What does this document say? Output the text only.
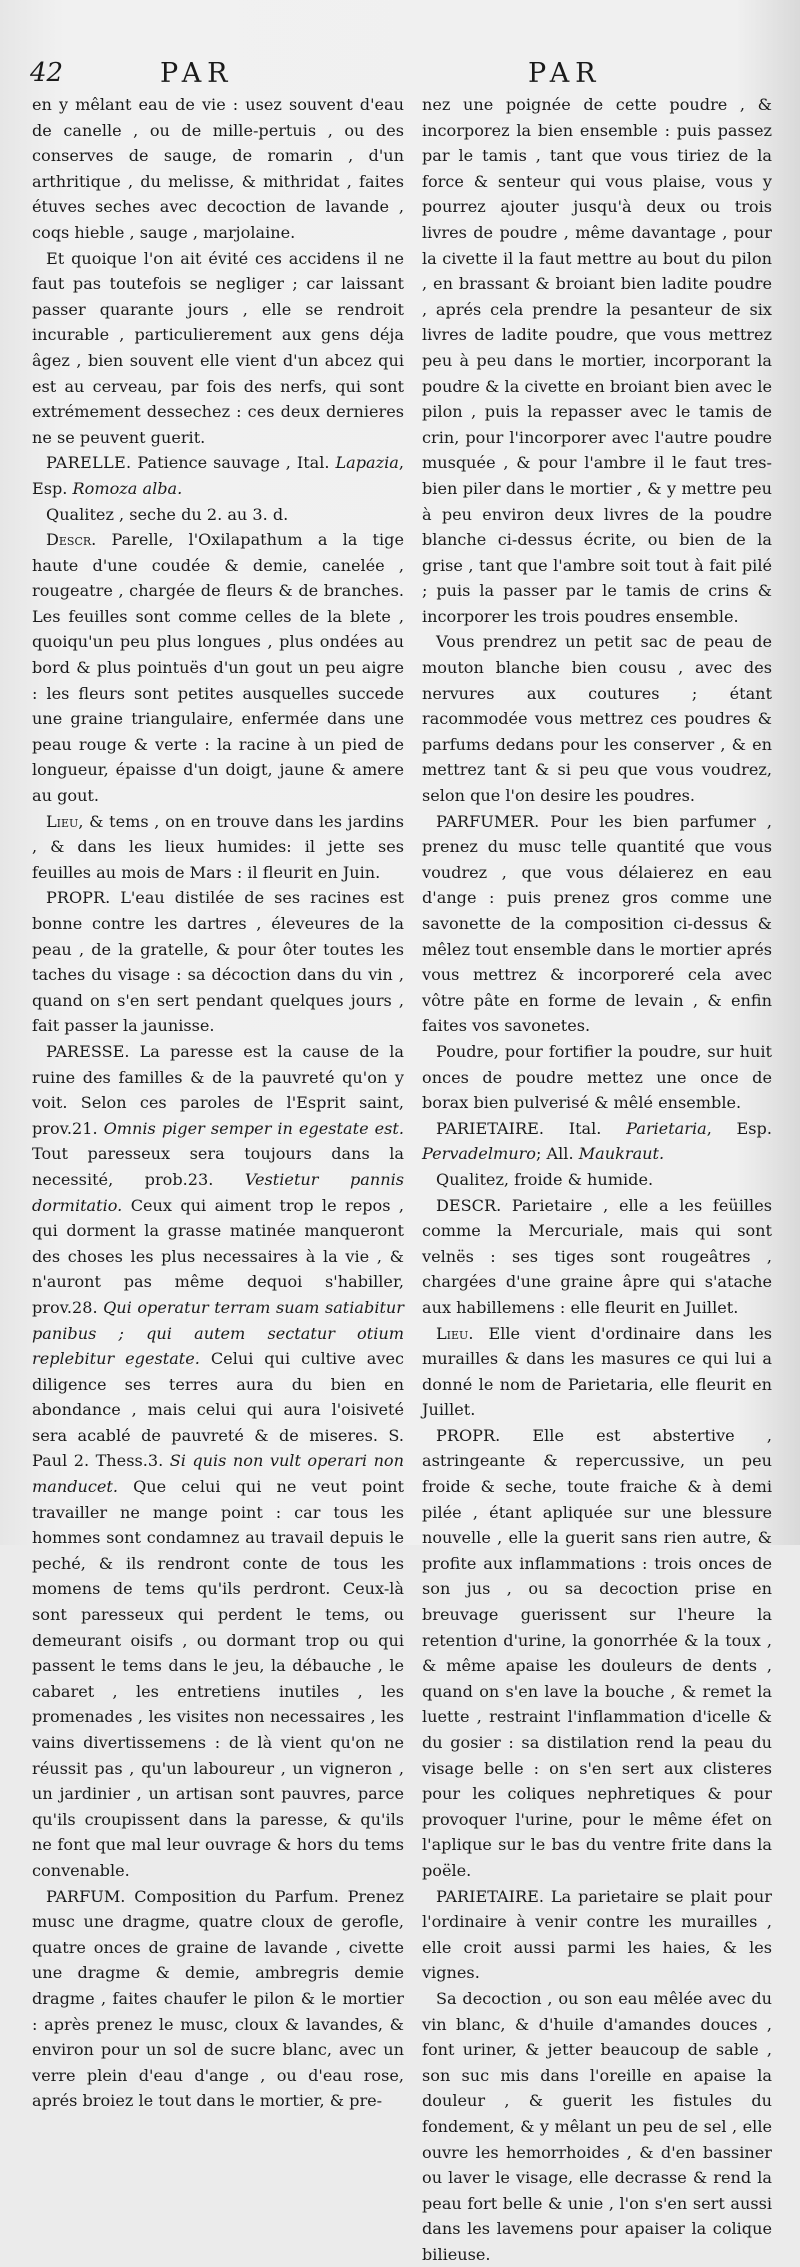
42	PAR	PAR

en y mêlant eau de vie : usez souvent d'eau de canelle , ou de mille-pertuis , ou des conserves de sauge, de romarin , d'un arthritique , du melisse, & mithridat , faites étuves seches avec decoction de lavande , coqs hieble , sauge , marjolaine.

Et quoique l'on ait évité ces accidens il ne faut pas toutefois se negliger ; car laissant passer quarante jours , elle se rendroit incurable , particulierement aux gens déja âgez , bien souvent elle vient d'un abcez qui est au cerveau, par fois des nerfs, qui sont extrémement dessechez : ces deux dernieres ne se peuvent guerit.

PARELLE. Patience sauvage , Ital. Lapazia, Esp. Romoza alba.

Qualitez , seche du 2. au 3. d.

Descr. Parelle, l'Oxilapathum a la tige haute d'une coudée & demie, canelée , rougeatre , chargée de fleurs & de branches. Les feuilles sont comme celles de la blete , quoiqu'un peu plus longues , plus ondées au bord & plus pointuës d'un gout un peu aigre : les fleurs sont petites ausquelles succede une graine triangulaire, enfermée dans une peau rouge & verte : la racine à un pied de longueur, épaisse d'un doigt, jaune & amere au gout.

Lieu, & tems , on en trouve dans les jardins , & dans les lieux humides: il jette ses feuilles au mois de Mars : il fleurit en Juin.

PROPR. L'eau distilée de ses racines est bonne contre les dartres , éleveures de la peau , de la gratelle, & pour ôter toutes les taches du visage : sa décoction dans du vin , quand on s'en sert pendant quelques jours , fait passer la jaunisse.

PARESSE. La paresse est la cause de la ruine des familles & de la pauvreté qu'on y voit. Selon ces paroles de l'Esprit saint, prov.21. Omnis piger semper in egestate est. Tout paresseux sera toujours dans la necessité, prob.23. Vestietur pannis dormitatio. Ceux qui aiment trop le repos , qui dorment la grasse matinée manqueront des choses les plus necessaires à la vie , & n'auront pas même dequoi s'habiller, prov.28. Qui operatur terram suam satiabitur panibus ; qui autem sectatur otium replebitur egestate. Celui qui cultive avec diligence ses terres aura du bien en abondance , mais celui qui aura l'oisiveté sera acablé de pauvreté & de miseres. S. Paul 2. Thess.3. Si quis non vult operari non manducet. Que celui qui ne veut point travailler ne mange point : car tous les hommes sont condamnez au travail depuis le peché, & ils rendront conte de tous les momens de tems qu'ils perdront. Ceux-là sont paresseux qui perdent le tems, ou demeurant oisifs , ou dormant trop ou qui passent le tems dans le jeu, la débauche , le cabaret , les entretiens inutiles , les promenades , les visites non necessaires , les vains divertissemens : de là vient qu'on ne réussit pas , qu'un laboureur , un vigneron , un jardinier , un artisan sont pauvres, parce qu'ils croupissent dans la paresse, & qu'ils ne font que mal leur ouvrage & hors du tems convenable.

PARFUM. Composition du Parfum. Prenez musc une dragme, quatre cloux de gerofle, quatre onces de graine de lavande , civette une dragme & demie, ambregris demie dragme , faites chaufer le pilon & le mortier : après prenez le musc, cloux & lavandes, & environ pour un sol de sucre blanc, avec un verre plein d'eau d'ange , ou d'eau rose, aprés broiez le tout dans le mortier, & pre-

nez une poignée de cette poudre , & incorporez la bien ensemble : puis passez par le tamis , tant que vous tiriez de la force & senteur qui vous plaise, vous y pourrez ajouter jusqu'à deux ou trois livres de poudre , même davantage , pour la civette il la faut mettre au bout du pilon , en brassant & broiant bien ladite poudre , aprés cela prendre la pesanteur de six livres de ladite poudre, que vous mettrez peu à peu dans le mortier, incorporant la poudre & la civette en broiant bien avec le pilon , puis la repasser avec le tamis de crin, pour l'incorporer avec l'autre poudre musquée , & pour l'ambre il le faut tres-bien piler dans le mortier , & y mettre peu à peu environ deux livres de la poudre blanche ci-dessus écrite, ou bien de la grise , tant que l'ambre soit tout à fait pilé ; puis la passer par le tamis de crins & incorporer les trois poudres ensemble.

Vous prendrez un petit sac de peau de mouton blanche bien cousu , avec des nervures aux coutures ; étant racommodée vous mettrez ces poudres & parfums dedans pour les conserver , & en mettrez tant & si peu que vous voudrez, selon que l'on desire les poudres.

PARFUMER. Pour les bien parfumer , prenez du musc telle quantité que vous voudrez , que vous délaierez en eau d'ange : puis prenez gros comme une savonette de la composition ci-dessus & mêlez tout ensemble dans le mortier aprés vous mettrez & incorporeré cela avec vôtre pâte en forme de levain , & enfin faites vos savonetes.

Poudre, pour fortifier la poudre, sur huit onces de poudre mettez une once de borax bien pulverisé & mêlé ensemble.

PARIETAIRE. Ital. Parietaria, Esp. Pervadelmuro; All. Maukraut.

Qualitez, froide & humide.

DESCR. Parietaire , elle a les feüilles comme la Mercuriale, mais qui sont velnës : ses tiges sont rougeâtres , chargées d'une graine âpre qui s'atache aux habillemens : elle fleurit en Juillet.

Lieu. Elle vient d'ordinaire dans les murailles & dans les masures ce qui lui a donné le nom de Parietaria, elle fleurit en Juillet.

PROPR. Elle est abstertive , astringeante & repercussive, un peu froide & seche, toute fraiche & à demi pilée , étant apliquée sur une blessure nouvelle , elle la guerit sans rien autre, & profite aux inflammations : trois onces de son jus , ou sa decoction prise en breuvage guerissent sur l'heure la retention d'urine, la gonorrhée & la toux , & même apaise les douleurs de dents , quand on s'en lave la bouche , & remet la luette , restraint l'inflammation d'icelle & du gosier : sa distilation rend la peau du visage belle : on s'en sert aux clisteres pour les coliques nephretiques & pour provoquer l'urine, pour le même éfet on l'aplique sur le bas du ventre frite dans la poële.

PARIETAIRE. La parietaire se plait pour l'ordinaire à venir contre les murailles , elle croit aussi parmi les haies, & les vignes.

Sa decoction , ou son eau mêlée avec du vin blanc, & d'huile d'amandes douces , font uriner, & jetter beaucoup de sable , son suc mis dans l'oreille en apaise la douleur , & guerit les fistules du fondement, & y mêlant un peu de sel , elle ouvre les hemorrhoides , & d'en bassiner ou laver le visage, elle decrasse & rend la peau fort belle & unie , l'on s'en sert aussi dans les lavemens pour apaiser la colique bilieuse.
